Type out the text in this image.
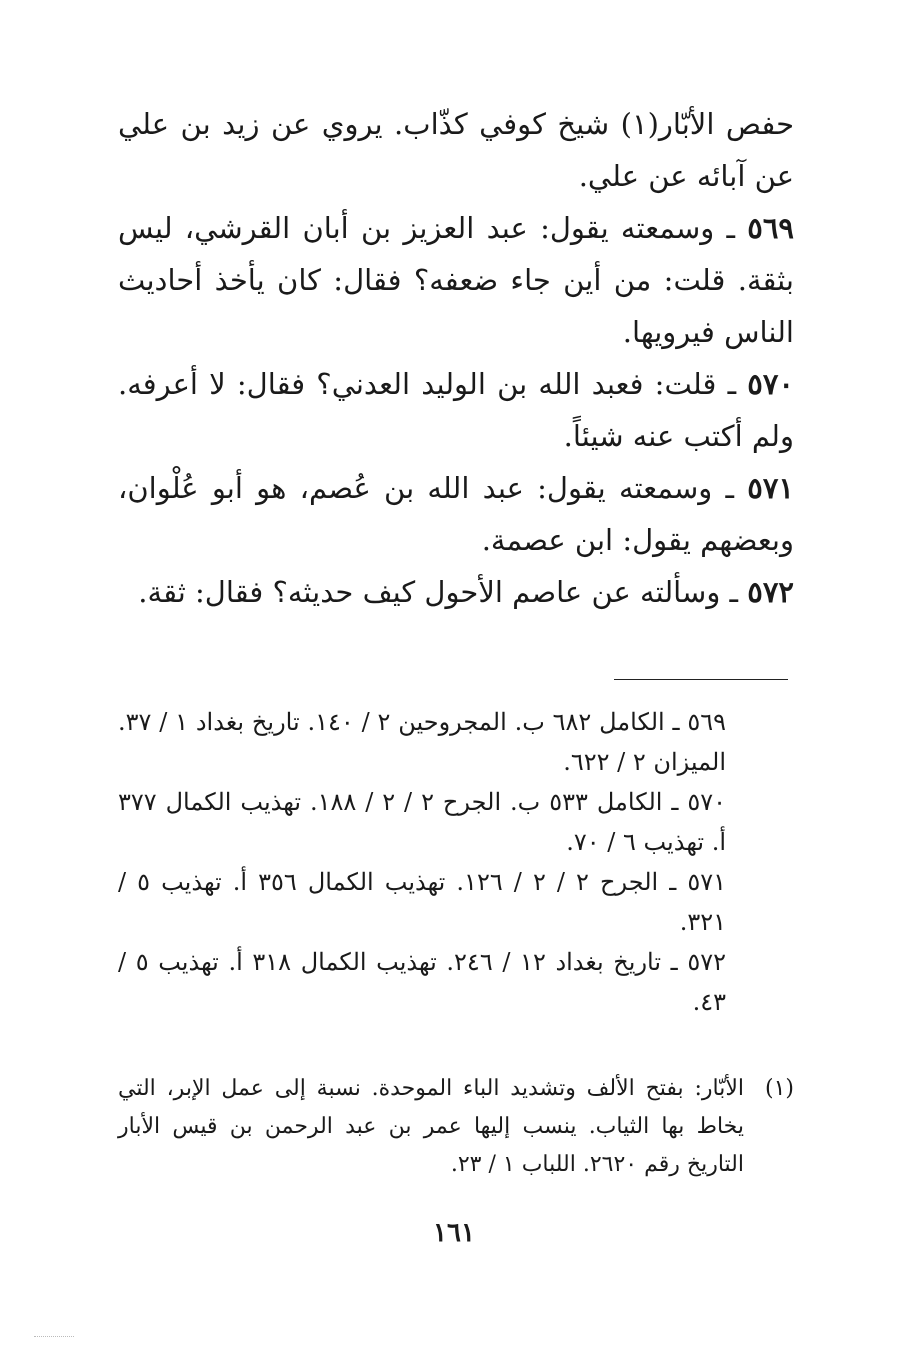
حفص الأبّار(١) شيخ كوفي كذّاب. يروي عن زيد بن علي عن آبائه عن علي.

٥٦٩ ـ وسمعته يقول: عبد العزيز بن أبان القرشي، ليس بثقة. قلت: من أين جاء ضعفه؟ فقال: كان يأخذ أحاديث الناس فيرويها.

٥٧٠ ـ قلت: فعبد الله بن الوليد العدني؟ فقال: لا أعرفه. ولم أكتب عنه شيئاً.

٥٧١ ـ وسمعته يقول: عبد الله بن عُصم، هو أبو عُلْوان، وبعضهم يقول: ابن عصمة.

٥٧٢ ـ وسألته عن عاصم الأحول كيف حديثه؟ فقال: ثقة.

٥٦٩ ـ الكامل ٦٨٢ ب. المجروحين ٢ / ١٤٠. تاريخ بغداد ١ / ٣٧. الميزان ٢ / ٦٢٢.

٥٧٠ ـ الكامل ٥٣٣ ب. الجرح ٢ / ٢ / ١٨٨. تهذيب الكمال ٣٧٧ أ. تهذيب ٦ / ٧٠.

٥٧١ ـ الجرح ٢ / ٢ / ١٢٦. تهذيب الكمال ٣٥٦ أ. تهذيب ٥ / ٣٢١.

٥٧٢ ـ تاريخ بغداد ١٢ / ٢٤٦. تهذيب الكمال ٣١٨ أ. تهذيب ٥ / ٤٣.

(١)
الأبّار: بفتح الألف وتشديد الباء الموحدة. نسبة إلى عمل الإبر، التي يخاط بها الثياب. ينسب إليها عمر بن عبد الرحمن بن قيس الأبار التاريخ رقم ٢٦٢٠. اللباب ١ / ٢٣.
١٦١
